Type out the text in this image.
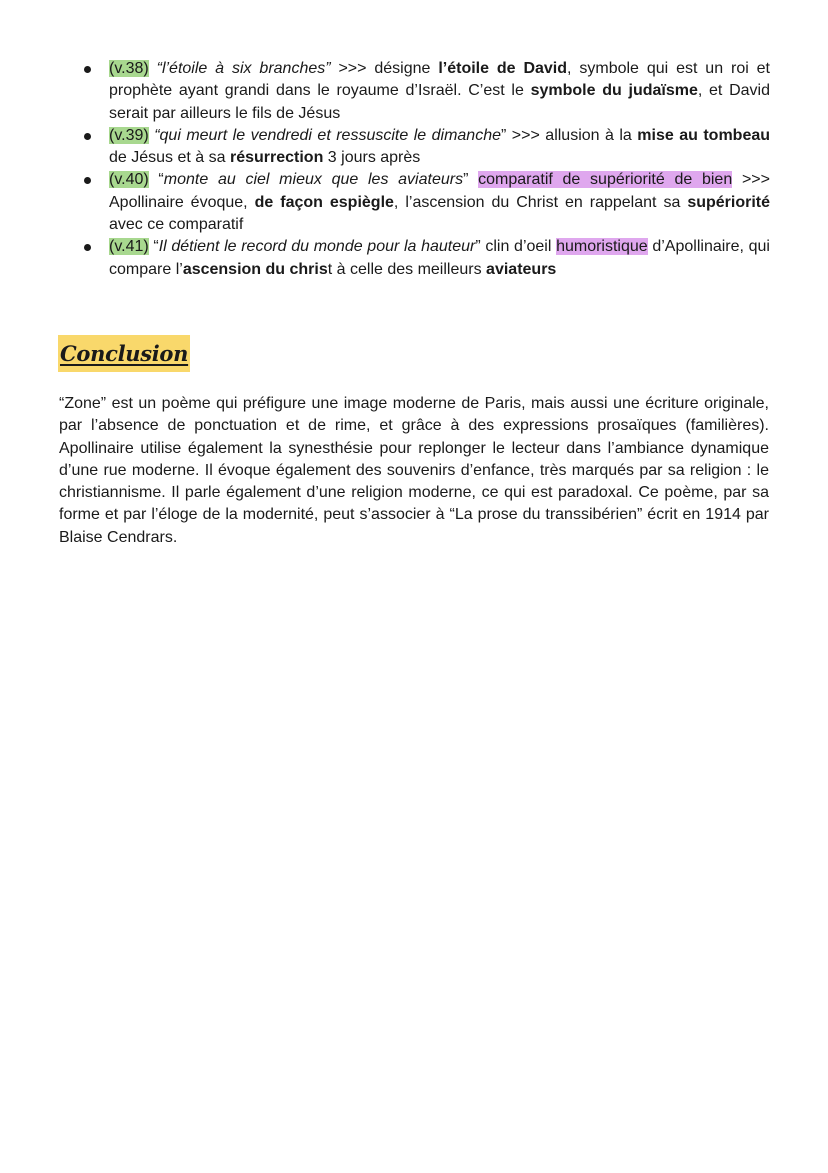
(v.38) “l’étoile à six branches” >>> désigne l’étoile de David, symbole qui est un roi et prophète ayant grandi dans le royaume d’Israël. C’est le symbole du judaïsme, et David serait par ailleurs le fils de Jésus
(v.39) “qui meurt le vendredi et ressuscite le dimanche” >>> allusion à la mise au tombeau de Jésus et à sa résurrection 3 jours après
(v.40) “monte au ciel mieux que les aviateurs” comparatif de supériorité de bien >>> Apollinaire évoque, de façon espiègle, l’ascension du Christ en rappelant sa supériorité avec ce comparatif
(v.41) “Il détient le record du monde pour la hauteur” clin d’oeil humoristique d’Apollinaire, qui compare l’ascension du christ à celle des meilleurs aviateurs
Conclusion

“Zone” est un poème qui préfigure une image moderne de Paris, mais aussi une écriture originale, par l’absence de ponctuation et de rime, et grâce à des expressions prosaïques (familières). Apollinaire utilise également la synesthésie pour replonger le lecteur dans l’ambiance dynamique d’une rue moderne. Il évoque également des souvenirs d’enfance, très marqués par sa religion : le christiannisme. Il parle également d’une religion moderne, ce qui est paradoxal. Ce poème, par sa forme et par l’éloge de la modernité, peut s’associer à “La prose du transsibérien” écrit en 1914 par Blaise Cendrars.
